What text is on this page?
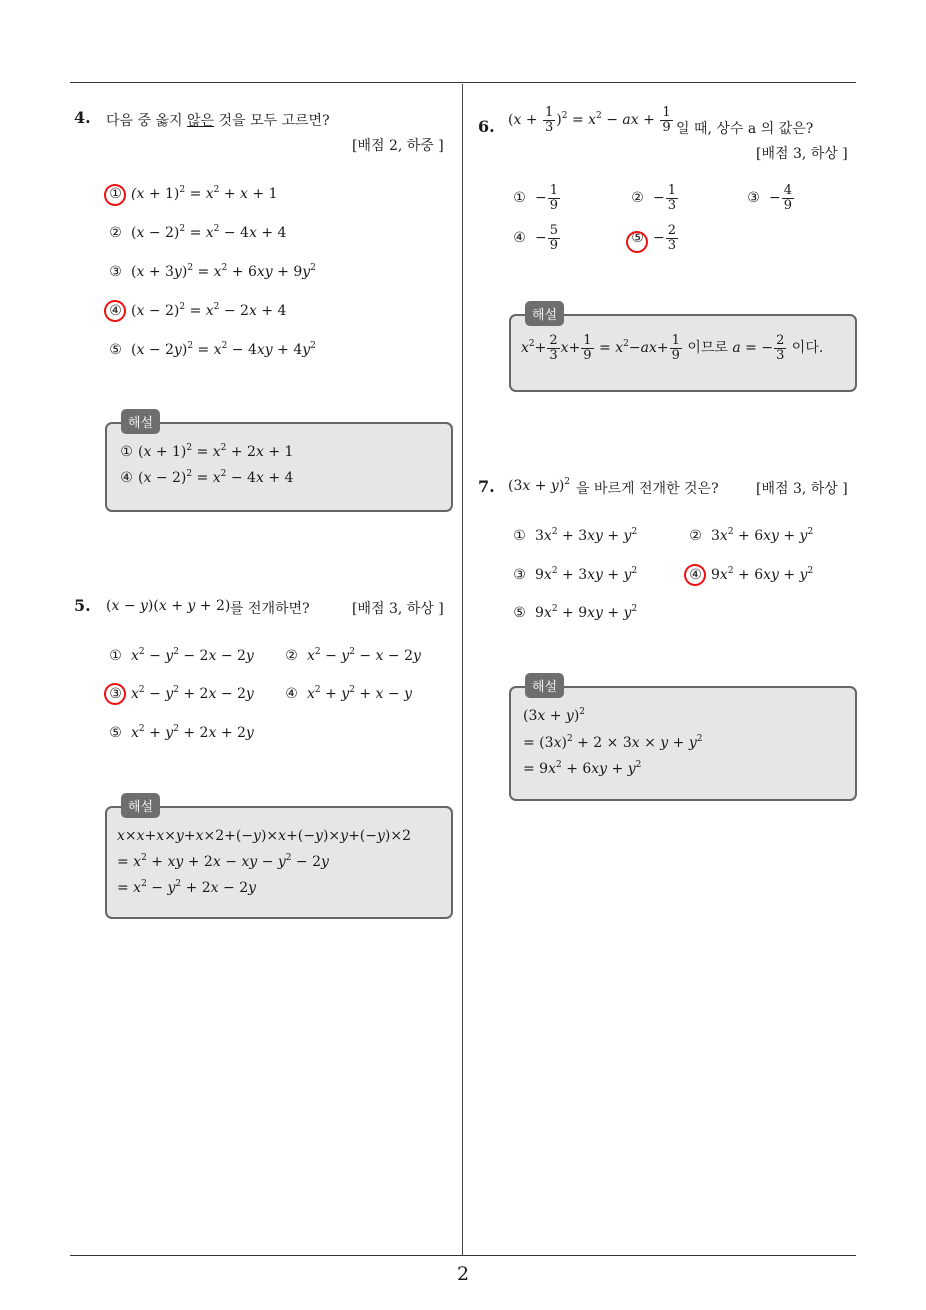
2
4. 다음 중 옳지 않은 것을 모두 고르면?
[배점 2, 하중 ]
① $(x + 1)^2 = x^2 + x + 1$
② $(x - 2)^2 = x^2 - 4x + 4$
③ $(x + 3y)^2 = x^2 + 6xy + 9y^2$
④ $(x - 2)^2 = x^2 - 2x + 4$
⑤ $(x - 2y)^2 = x^2 - 4xy + 4y^2$
해설
① $(x + 1)^2 = x^2 + 2x + 1$
④ $(x - 2)^2 = x^2 - 4x + 4$
5. (x − y)(x + y + 2) 를 전개하면?	[배점 3, 하상 ]
① $x^2 - y^2 - 2x - 2y$ ② $x^2 - y^2 - x - 2y$
③ $x^2 - y^2 + 2x - 2y$ ④ $x^2 + y^2 + x - y$
⑤ $x^2 + y^2 + 2x + 2y$
해설
x×x+x×y+x×2+(−y)×x+(−y)×y+(−y)×2
= $x^2$ + xy + 2x − xy − $y^2 - 2y$
= $x^2 - y^2 + 2x - 2y$
6. $(x + \frac{1}{3} )^2 = x^2$ − ax + $\frac{1}{9}$ 일 때, 상수 a 의 값은?
[배점 3, 하상 ]
① − $\frac{1}{9}$	② − $\frac{1}{3}$	③ − $\frac{4}{9}$
④ − $\frac{5}{9}$	⑤ − $\frac{2}{3}$
해설
$x^2+ \frac{2}{3} x+ \frac{1}{9} = x^2-ax+ \frac{1}{9}$ 이므로 a = − $\frac{2}{3}$ 이다.
7. $(3x + y)^2$ 을 바르게 전개한 것은?	[배점 3, 하상 ]
① $3x^2 + 3xy + y^2$	② $3x^2 + 6xy + y^2$
③ $9x^2 + 3xy + y^2$	④ $9x^2 + 6xy + y^2$
⑤ $9x^2 + 9xy + y^2$
해설
$(3x + y)^2$
= $(3x)^2 + 2 \times 3x \times y + y^2$
= $9x^2 + 6xy + y^2$
